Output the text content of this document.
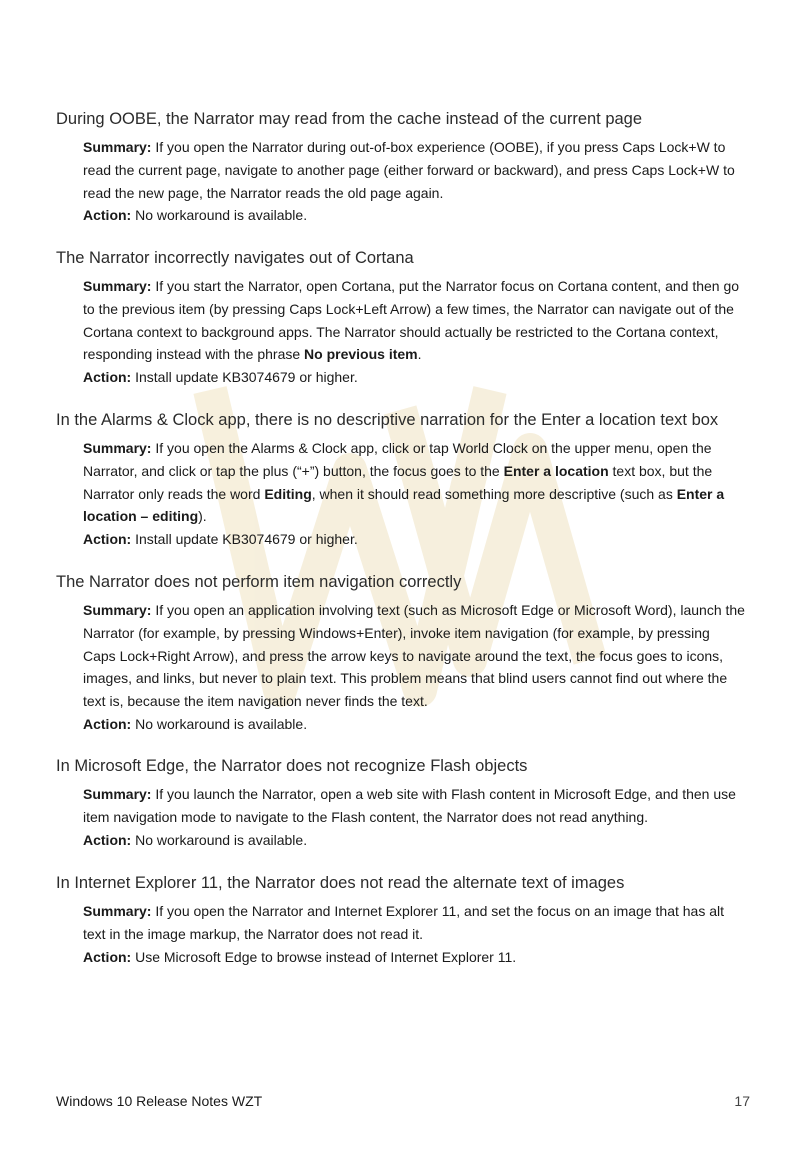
During OOBE, the Narrator may read from the cache instead of the current page

Summary: If you open the Narrator during out-of-box experience (OOBE), if you press Caps Lock+W to read the current page, navigate to another page (either forward or backward), and press Caps Lock+W to read the new page, the Narrator reads the old page again.

Action: No workaround is available.

The Narrator incorrectly navigates out of Cortana

Summary: If you start the Narrator, open Cortana, put the Narrator focus on Cortana content, and then go to the previous item (by pressing Caps Lock+Left Arrow) a few times, the Narrator can navigate out of the Cortana context to background apps. The Narrator should actually be restricted to the Cortana context, responding instead with the phrase No previous item.

Action: Install update KB3074679 or higher.

In the Alarms & Clock app, there is no descriptive narration for the Enter a location text box

Summary: If you open the Alarms & Clock app, click or tap World Clock on the upper menu, open the Narrator, and click or tap the plus (“+”) button, the focus goes to the Enter a location text box, but the Narrator only reads the word Editing, when it should read something more descriptive (such as Enter a location – editing).

Action: Install update KB3074679 or higher.

The Narrator does not perform item navigation correctly

Summary: If you open an application involving text (such as Microsoft Edge or Microsoft Word), launch the Narrator (for example, by pressing Windows+Enter), invoke item navigation (for example, by pressing Caps Lock+Right Arrow), and press the arrow keys to navigate around the text, the focus goes to icons, images, and links, but never to plain text. This problem means that blind users cannot find out where the text is, because the item navigation never finds the text.

Action: No workaround is available.

In Microsoft Edge, the Narrator does not recognize Flash objects

Summary: If you launch the Narrator, open a web site with Flash content in Microsoft Edge, and then use item navigation mode to navigate to the Flash content, the Narrator does not read anything.

Action: No workaround is available.

In Internet Explorer 11, the Narrator does not read the alternate text of images

Summary: If you open the Narrator and Internet Explorer 11, and set the focus on an image that has alt text in the image markup, the Narrator does not read it.

Action: Use Microsoft Edge to browse instead of Internet Explorer 11.

Windows 10 Release Notes WZT	17
